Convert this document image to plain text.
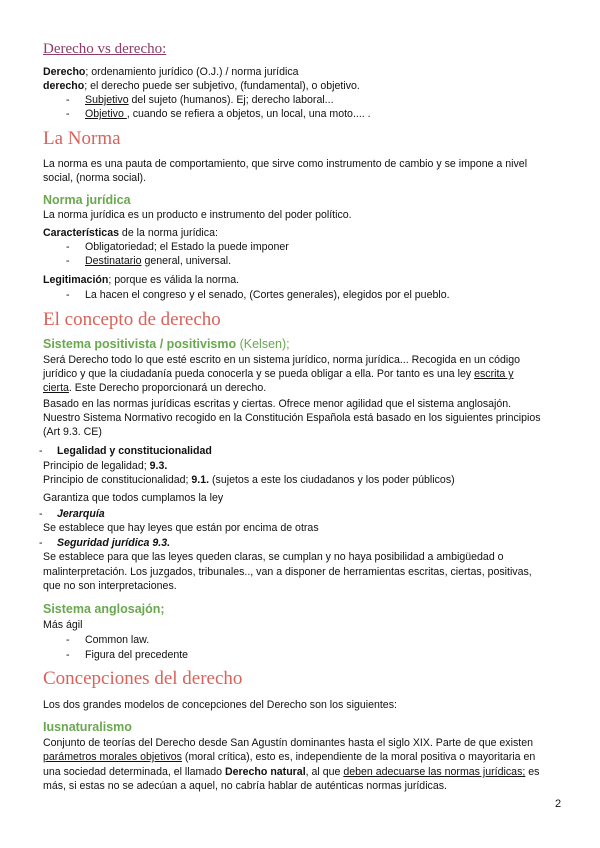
Derecho vs derecho:
Derecho; ordenamiento jurídico (O.J.) / norma jurídica
derecho; el derecho puede ser subjetivo, (fundamental), o objetivo.
- Subjetivo del sujeto (humanos). Ej; derecho laboral...
- Objetivo , cuando se refiera a objetos, un local, una moto.... .
La Norma
La norma es una pauta de comportamiento, que sirve como instrumento de cambio y se impone a nivel
social, (norma social).
Norma jurídica
La norma jurídica es un producto e instrumento del poder político.
Características de la norma jurídica:
- Obligatoriedad; el Estado la puede imponer
- Destinatario general, universal.
Legitimación; porque es válida la norma.
- La hacen el congreso y el senado, (Cortes generales), elegidos por el pueblo.
El concepto de derecho
Sistema positivista / positivismo (Kelsen);
Será Derecho todo lo que esté escrito en un sistema jurídico, norma jurídica... Recogida en un código
jurídico y que la ciudadanía pueda conocerla y se pueda obligar a ella. Por tanto es una ley escrita y
cierta. Este Derecho proporcionará un derecho.
Basado en las normas jurídicas escritas y ciertas. Ofrece menor agilidad que el sistema anglosajón.
Nuestro Sistema Normativo recogido en la Constitución Española está basado en los siguientes principios
(Art 9.3. CE)
- Legalidad y constitucionalidad
Principio de legalidad; 9.3.
Principio de constitucionalidad; 9.1. (sujetos a este los ciudadanos y los poder públicos)
Garantiza que todos cumplamos la ley
- Jerarquía
Se establece que hay leyes que están por encima de otras
- Seguridad jurídica 9.3.
Se establece para que las leyes queden claras, se cumplan y no haya posibilidad a ambigüedad o
malinterpretación. Los juzgados, tribunales.., van a disponer de herramientas escritas, ciertas, positivas,
que no son interpretaciones.
Sistema anglosajón;
Más ágil
- Common law.
- Figura del precedente
Concepciones del derecho
Los dos grandes modelos de concepciones del Derecho son los siguientes:
Iusnaturalismo
Conjunto de teorías del Derecho desde San Agustín dominantes hasta el siglo XIX. Parte de que existen
parámetros morales objetivos (moral crítica), esto es, independiente de la moral positiva o mayoritaria en
una sociedad determinada, el llamado Derecho natural, al que deben adecuarse las normas jurídicas; es
más, si estas no se adecúan a aquel, no cabría hablar de auténticas normas jurídicas.
2
